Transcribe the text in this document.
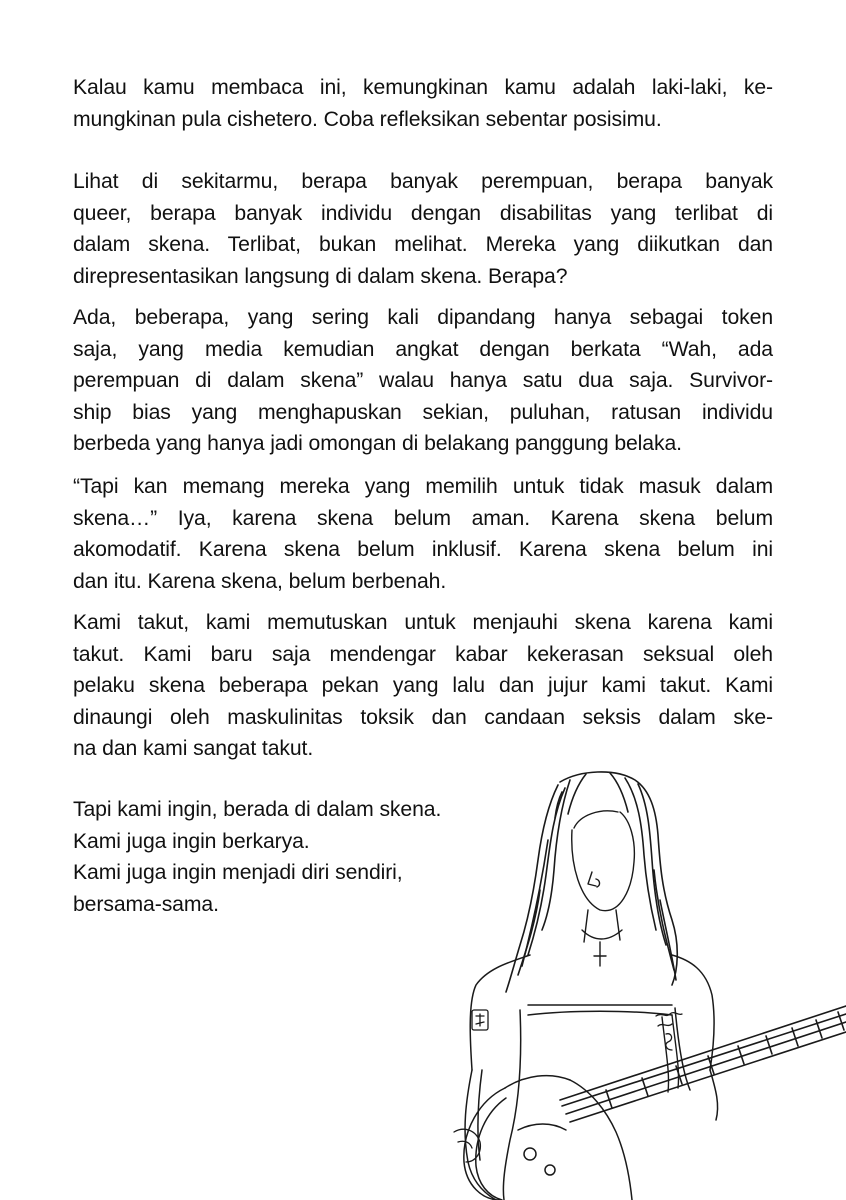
Kalau kamu membaca ini, kemungkinan kamu adalah laki-laki, ke-
mungkinan pula cishetero. Coba refleksikan sebentar posisimu.

Lihat di sekitarmu, berapa banyak perempuan, berapa banyak
queer, berapa banyak individu dengan disabilitas yang terlibat di
dalam skena. Terlibat, bukan melihat. Mereka yang diikutkan dan
direpresentasikan langsung di dalam skena. Berapa?

Ada, beberapa, yang sering kali dipandang hanya sebagai token
saja, yang media kemudian angkat dengan berkata “Wah, ada
perempuan di dalam skena” walau hanya satu dua saja. Survivor-
ship bias yang menghapuskan sekian, puluhan, ratusan individu
berbeda yang hanya jadi omongan di belakang panggung belaka.

“Tapi kan memang mereka yang memilih untuk tidak masuk dalam
skena…” Iya, karena skena belum aman. Karena skena belum
akomodatif. Karena skena belum inklusif. Karena skena belum ini
dan itu. Karena skena, belum berbenah.

Kami takut, kami memutuskan untuk menjauhi skena karena kami
takut. Kami baru saja mendengar kabar kekerasan seksual oleh
pelaku skena beberapa pekan yang lalu dan jujur kami takut. Kami
dinaungi oleh maskulinitas toksik dan candaan seksis dalam ske-
na dan kami sangat takut.

Tapi kami ingin, berada di dalam skena.
Kami juga ingin berkarya.
Kami juga ingin menjadi diri sendiri,
bersama-sama.
